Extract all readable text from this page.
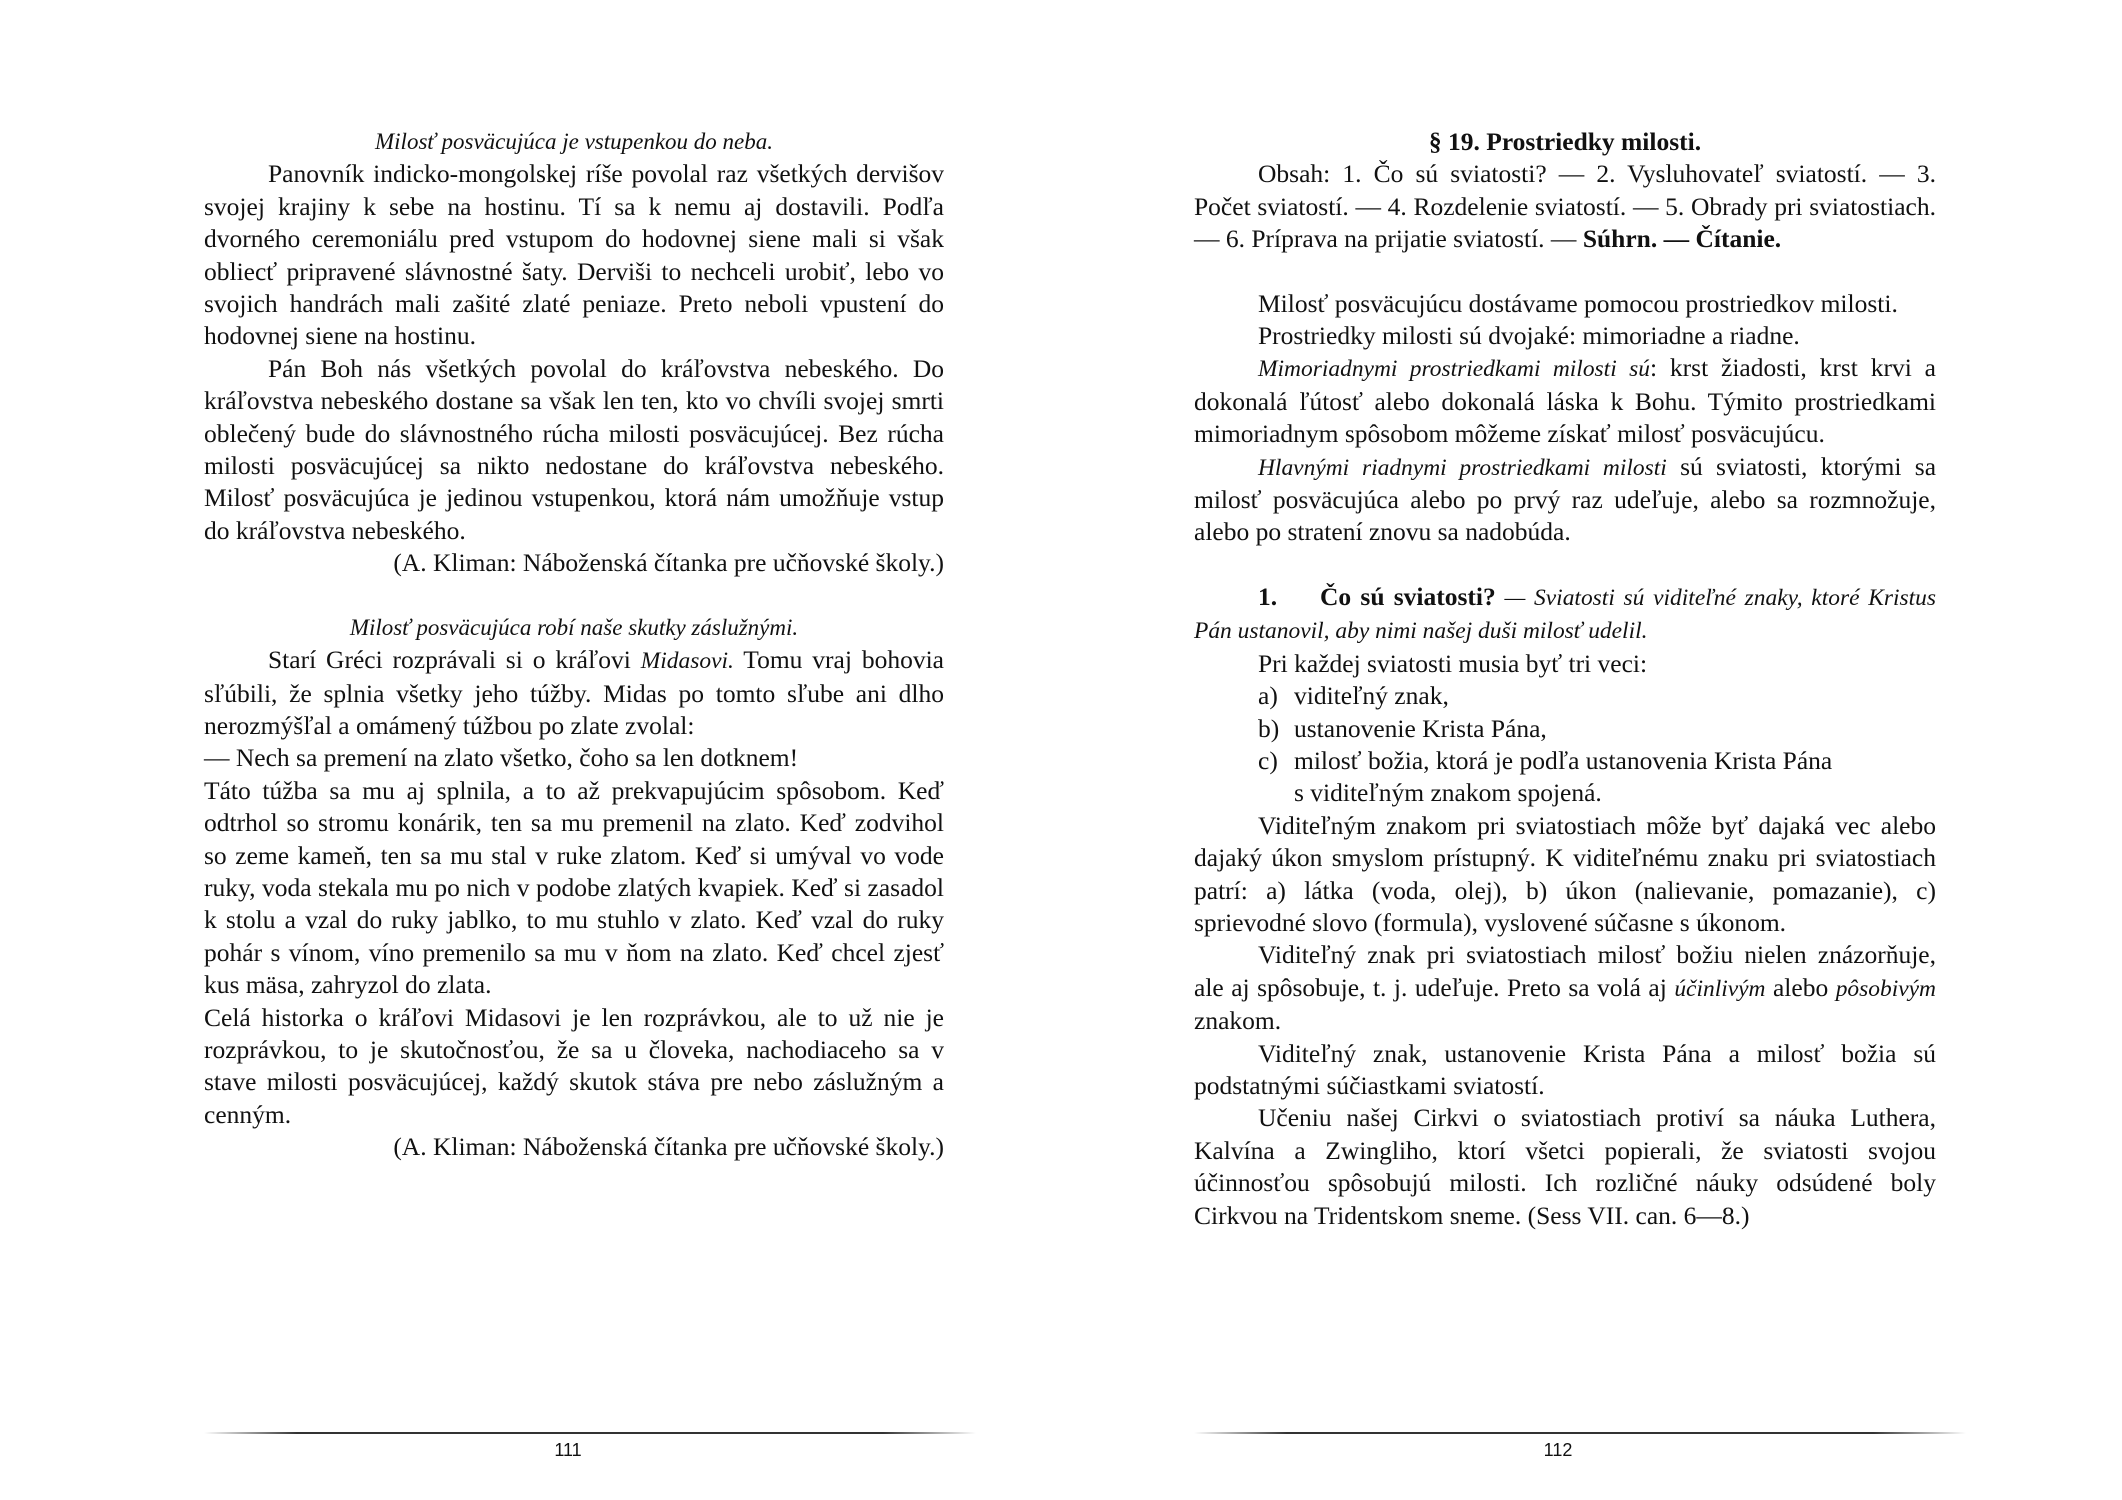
Milosť posväcujúca je vstupenkou do neba.

Panovník indicko-mongolskej ríše povolal raz všetkých dervišov svojej krajiny k sebe na hostinu. Tí sa k nemu aj dostavili. Podľa dvorného ceremoniálu pred vstupom do hodovnej siene mali si však obliecť pripravené slávnostné šaty. Derviši to nechceli urobiť, lebo vo svojich handrách mali zašité zlaté peniaze. Preto neboli vpustení do hodovnej siene na hostinu.

Pán Boh nás všetkých povolal do kráľovstva nebeského. Do kráľovstva nebeského dostane sa však len ten, kto vo chvíli svojej smrti oblečený bude do slávnostného rúcha milosti posväcujúcej. Bez rúcha milosti posväcujúcej sa nikto nedostane do kráľovstva nebeského. Milosť posväcujúca je jedinou vstupenkou, ktorá nám umožňuje vstup do kráľovstva nebeského.

(A. Kliman: Náboženská čítanka pre učňovské školy.)

Milosť posväcujúca robí naše skutky záslužnými.

Starí Gréci rozprávali si o kráľovi Midasovi. Tomu vraj bohovia sľúbili, že splnia všetky jeho túžby. Midas po tomto sľube ani dlho nerozmýšľal a omámený túžbou po zlate zvolal:

— Nech sa premení na zlato všetko, čoho sa len dotknem!

Táto túžba sa mu aj splnila, a to až prekvapujúcim spôsobom. Keď odtrhol so stromu konárik, ten sa mu premenil na zlato. Keď zodvihol so zeme kameň, ten sa mu stal v ruke zlatom. Keď si umýval vo vode ruky, voda stekala mu po nich v podobe zlatých kvapiek. Keď si zasadol k stolu a vzal do ruky jablko, to mu stuhlo v zlato. Keď vzal do ruky pohár s vínom, víno premenilo sa mu v ňom na zlato. Keď chcel zjesť kus mäsa, zahryzol do zlata.

Celá historka o kráľovi Midasovi je len rozprávkou, ale to už nie je rozprávkou, to je skutočnosťou, že sa u človeka, nachodiaceho sa v stave milosti posväcujúcej, každý skutok stáva pre nebo záslužným a cenným.

(A. Kliman: Náboženská čítanka pre učňovské školy.)

111

§ 19. Prostriedky milosti.

Obsah: 1. Čo sú sviatosti? — 2. Vysluhovateľ sviatostí. — 3. Počet sviatostí. — 4. Rozdelenie sviatostí. — 5. Obrady pri sviatostiach. — 6. Príprava na prijatie sviatostí. — Súhrn. — Čítanie.

Milosť posväcujúcu dostávame pomocou prostriedkov milosti.

Prostriedky milosti sú dvojaké: mimoriadne a riadne.

Mimoriadnymi prostriedkami milosti sú: krst žiadosti, krst krvi a dokonalá ľútosť alebo dokonalá láska k Bohu. Týmito prostriedkami mimoriadnym spôsobom môžeme získať milosť posväcujúcu.

Hlavnými riadnymi prostriedkami milosti sú sviatosti, ktorými sa milosť posväcujúca alebo po prvý raz udeľuje, alebo sa rozmnožuje, alebo po stratení znovu sa nadobúda.

1. Čo sú sviatosti? — Sviatosti sú viditeľné znaky, ktoré Kristus Pán ustanovil, aby nimi našej duši milosť udelil.

Pri každej sviatosti musia byť tri veci:

a) viditeľný znak,
b) ustanovenie Krista Pána,
c) milosť božia, ktorá je podľa ustanovenia Krista Pána

s viditeľným znakom spojená.

Viditeľným znakom pri sviatostiach môže byť dajaká vec alebo dajaký úkon smyslom prístupný. K viditeľnému znaku pri sviatostiach patrí: a) látka (voda, olej), b) úkon (nalievanie, pomazanie), c) sprievodné slovo (formula), vyslovené súčasne s úkonom.

Viditeľný znak pri sviatostiach milosť božiu nielen znázorňuje, ale aj spôsobuje, t. j. udeľuje. Preto sa volá aj účinlivým alebo pôsobivým znakom.

Viditeľný znak, ustanovenie Krista Pána a milosť božia sú podstatnými súčiastkami sviatostí.

Učeniu našej Cirkvi o sviatostiach protiví sa náuka Luthera, Kalvína a Zwingliho, ktorí všetci popierali, že sviatosti svojou účinnosťou spôsobujú milosti. Ich rozličné náuky odsúdené boly Cirkvou na Tridentskom sneme. (Sess VII. can. 6—8.)

112
